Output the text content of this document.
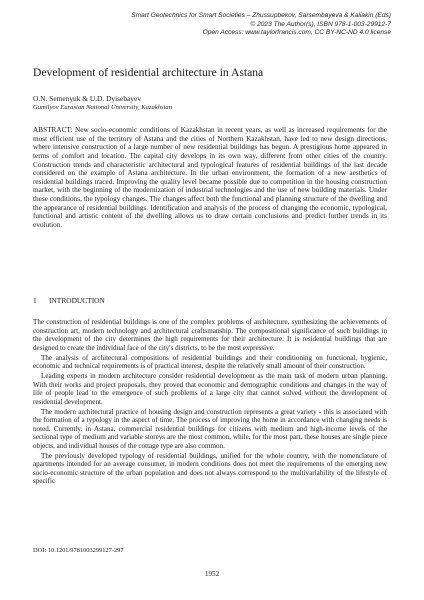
Smart Geotechnics for Smart Societies – Zhussupbekov, Sarsembayeva & Kaliakin (Eds)
© 2023 The Author(s), ISBN 978-1-003-29912-7
Open Access: www.taylorfrancis.com, CC BY-NC-ND 4.0 license
Development of residential architecture in Astana
O.N. Semenyuk & U.D. Dyisebayev
Gumilyov Eurasian National University, Kazakhstan
ABSTRACT: New socio-economic conditions of Kazakhstan in recent years, as well as increased requirements for the most efficient use of the territory of Astana and the cities of Northern Kazakhstan, have led to new design directions, where intensive construction of a large number of new residential buildings has begun. A prestigious home appeared in terms of comfort and location. The capital city develops in its own way, different from other cities of the country. Construction trends and characteristic architectural and typological features of residential buildings of the last decade considered on the example of Astana architecture. In the urban environment, the formation of a new aesthetics of residential buildings traced. Improving the quality level became possible due to competition in the housing construction market, with the beginning of the modernization of industrial technologies and the use of new building materials. Under these conditions, the typology changes. The changes affect both the functional and planning structure of the dwelling and the appearance of residential buildings. Identification and analysis of the process of changing the economic, typological, functional and artistic content of the dwelling allows us to draw certain conclusions and predict further trends in its evolution.
1 INTRODUCTION

The construction of residential buildings is one of the complex problems of architecture, synthesizing the achievements of construction art, modern technology and architectural craftsmanship. The compositional significance of such buildings in the development of the city determines the high requirements for their architecture. It is residential buildings that are designed to create the individual face of the city's districts, to be the most expressive.

The analysis of architectural compositions of residential buildings and their conditioning on functional, hygienic, economic and technical requirements is of practical interest, despite the relatively small amount of their construction.

Leading experts in modern architecture consider residential development as the main task of modern urban planning. With their works and project proposals, they proved that economic and demographic conditions and changes in the way of life of people lead to the emergence of such problems of a large city that cannot solved without the development of residential development.

The modern architectural practice of housing design and construction represents a great variety - this is associated with the formation of a typology in the aspect of time. The process of improving the home in accordance with changing needs is noted. Currently, in Astana, commercial residential buildings for citizens with medium and high-income levels of the sectional type of medium and variable storeys are the most common, while, for the most part, these houses are single piece objects, and individual houses of the cottage type are also common.

The previously developed typology of residential buildings, unified for the whole country, with the nomenclature of apartments intended for an average consumer, in modern conditions does not meet the requirements of the emerging new socio-economic structure of the urban population and does not always correspond to the multivariability of the lifestyle of specific

DOI: 10.1201/9781003299127-297
1952
